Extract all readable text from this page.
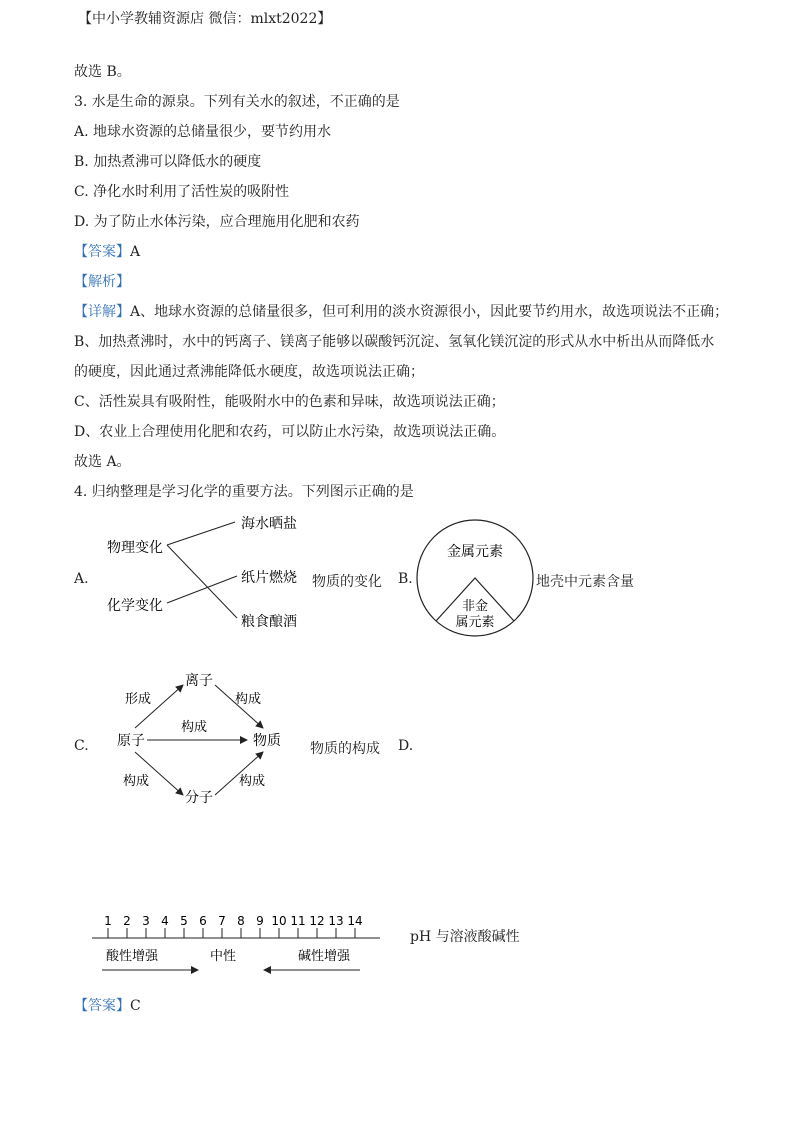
【中小学教辅资源店 微信：mlxt2022】
故选 B。
3. 水是生命的源泉。下列有关水的叙述，不正确的是
A. 地球水资源的总储量很少，要节约用水
B. 加热煮沸可以降低水的硬度
C. 净化水时利用了活性炭的吸附性
D. 为了防止水体污染，应合理施用化肥和农药
【答案】A
【解析】
【详解】A、地球水资源的总储量很多，但可利用的淡水资源很小，因此要节约用水，故选项说法不正确；
B、加热煮沸时，水中的钙离子、镁离子能够以碳酸钙沉淀、氢氧化镁沉淀的形式从水中析出从而降低水
的硬度，因此通过煮沸能降低水硬度，故选项说法正确；
C、活性炭具有吸附性，能吸附水中的色素和异味，故选项说法正确；
D、农业上合理使用化肥和农药，可以防止水污染，故选项说法正确。
故选 A。
4. 归纳整理是学习化学的重要方法。下列图示正确的是
A.
物理变化
化学变化
海水晒盐
纸片燃烧
粮食酿酒
物质的变化 B.
金属元素
非金
属元素
地壳中元素含量
C. 原子
离子
分子
物质
形成	构成
构成
构成	构成
物质的构成 D.
1 2 3 4 5 6 7 8 9 10 11 12 13 14
酸性增强	中性	碱性增强
pH 与溶液酸碱性
【答案】C
